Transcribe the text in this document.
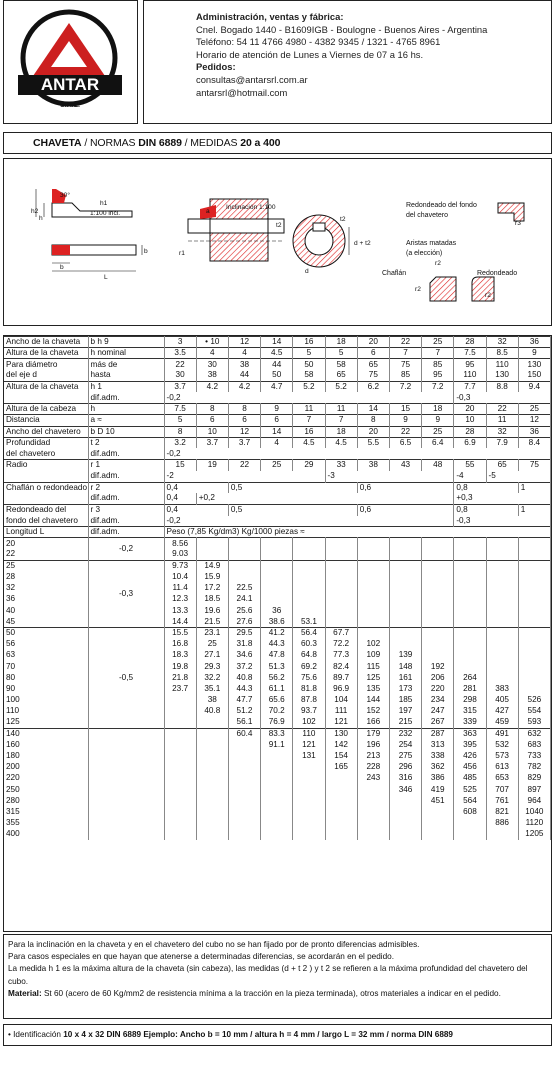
ANTAR
S.R.L.
Administración, ventas y fábrica:
Cnel. Bogado 1440 - B1609IGB - Boulogne - Buenos Aires - Argentina
Teléfono: 54 11 4766 4980 - 4382 9345 / 1321 - 4765 8961
Horario de atención de Lunes a Viernes de 07 a 16 hs.
Pedidos:
consultas@antarsrl.com.ar
antarsrl@hotmail.com
CHAVETA / NORMAS DIN 6889 / MEDIDAS 20 a 400
30°
h1
1:100 incl.
h2
h
b
L
b
a
Inclinación 1:100
r1
t2
t2
d + t2
d
Redondeado del fondo
del chavetero
r3
Aristas matadas
(a elección)
Chaflán	Redondeado
r2
r2
r2
Ancho de la chaveta	b h 9	3	• 10	12	14	16	18	20	22	25	28	32	36
Altura de la chaveta	h nominal	3.5	4	4	4.5	5	5	6	7	7	7.5	8.5	9
Para diámetro	más de	22	30	38	44	50	58	65	75	85	95	110	130
del eje d	hasta	30	38	44	50	58	65	75	85	95	110	130	150
Altura de la chaveta	h 1	3.7	4.2	4.2	4.7	5.2	5.2	6.2	7.2	7.2	7.7	8.8	9.4
	dif.adm.	-0,2									-0,3		
Altura de la cabeza	h	7.5	8	8	9	11	11	14	15	18	20	22	25
Distancia	a ≈	5	6	6	6	7	7	8	9	9	10	11	12
Ancho del chavetero	b D 10	8	10	12	14	16	18	20	22	25	28	32	36
Profundidad	t 2	3.2	3.7	3.7	4	4.5	4.5	5.5	6.5	6.4	6.9	7.9	8.4
del chavetero	dif.adm.	-0,2											
Radio	r 1	15	19	22	25	29	33	38	43	48	55	65	75
	dif.adm.	-2					-3				-4	-5	
Chaflán o redondeado	r 2	0,4		0,5				0,6			0,8		1
	dif.adm.	0,4	+0,2								+0,3		
Redondeado del	r 3	0,4		0,5				0,6			0,8		1
fondo del chavetero	dif.adm.	-0,2									-0,3		
Longitud L	dif.adm.	Peso (7,85 Kg/dm3) Kg/1000 piezas ≈											
20	-0,2	8.56											
22		9.03											
25	-0,3	9.73	14.9										
28		10.4	15.9										
32		11.4	17.2	22.5									
36		12.3	18.5	24.1									
40		13.3	19.6	25.6	36								
45		14.4	21.5	27.6	38.6	53.1							
50	-0,5	15.5	23.1	29.5	41.2	56.4	67.7						
56		16.8	25	31.8	44.3	60.3	72.2	102					
63		18.3	27.1	34.6	47.8	64.8	77.3	109	139				
70		19.8	29.3	37.2	51.3	69.2	82.4	115	148	192			
80		21.8	32.2	40.8	56.2	75.6	89.7	125	161	206	264		
90		23.7	35.1	44.3	61.1	81.8	96.9	135	173	220	281	383	
100			38	47.7	65.6	87.8	104	144	185	234	298	405	526
110			40.8	51.2	70.2	93.7	111	152	197	247	315	427	554
125				56.1	76.9	102	121	166	215	267	339	459	593
140				60.4	83.3	110	130	179	232	287	363	491	632
160					91.1	121	142	196	254	313	395	532	683
180						131	154	213	275	338	426	573	733
200							165	228	296	362	456	613	782
220								243	316	386	485	653	829
250									346	419	525	707	897
280										451	564	761	964
315											608	821	1040
355												886	1120
400													1205
Para la inclinación en la chaveta y en el chavetero del cubo no se han fijado por de pronto diferencias admisibles.
Para casos especiales en que hayan que atenerse a determinadas diferencias, se acordarán en el pedido.
La medida h 1 es la máxima altura de la chaveta (sin cabeza), las medidas (d + t 2 ) y t 2 se refieren a la máxima profundidad del chavetero del cubo.
Material: St 60 (acero de 60 Kg/mm2 de resistencia mínima a la tracción en la pieza terminada), otros materiales a indicar en el pedido.
• Identificación 10 x 4 x 32 DIN 6889 Ejemplo: Ancho b = 10 mm / altura h = 4 mm / largo L = 32 mm / norma DIN 6889
